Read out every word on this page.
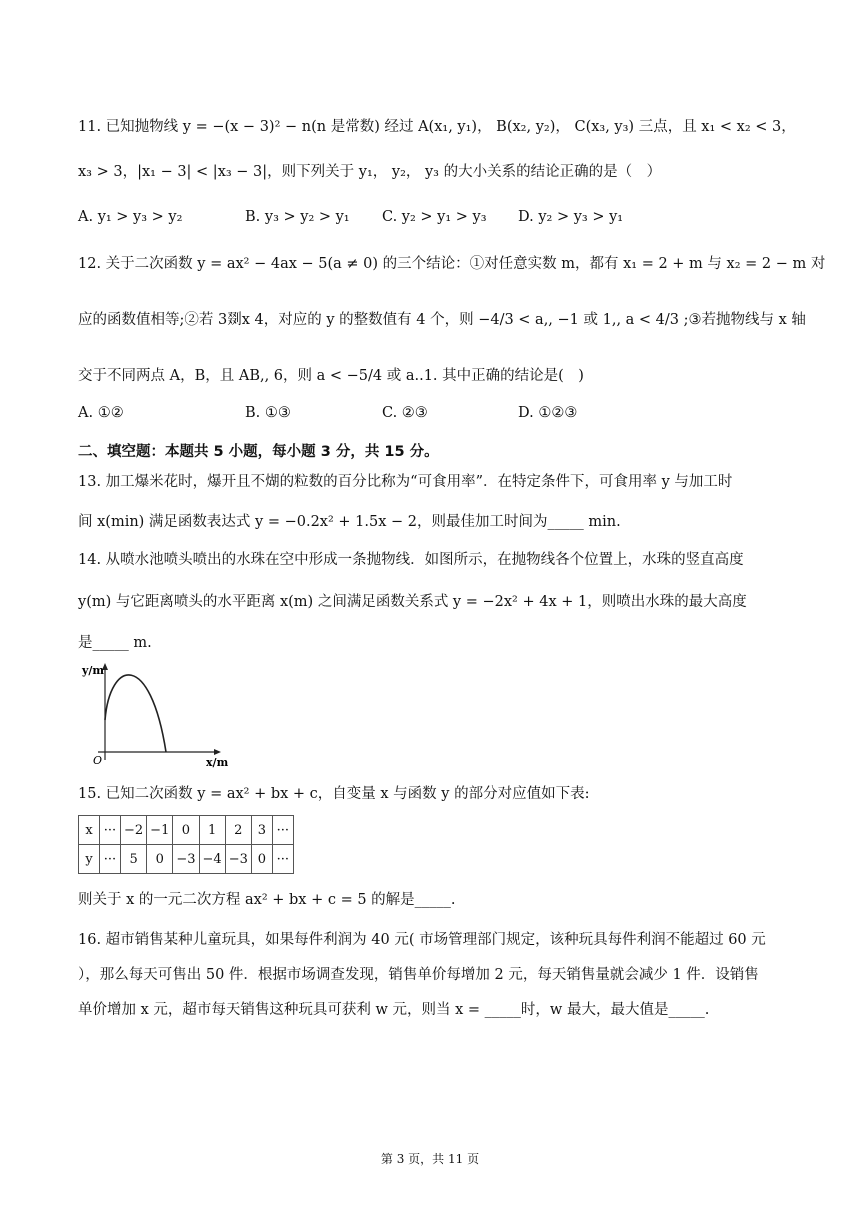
11. 已知抛物线 y = −(x − 3)² − n(n 是常数) 经过 A(x₁, y₁)， B(x₂, y₂)， C(x₃, y₃) 三点，且 x₁ < x₂ < 3，
x₃ > 3，|x₁ − 3| < |x₃ − 3|，则下列关于 y₁， y₂， y₃ 的大小关系的结论正确的是（　）
A. y₁ > y₃ > y₂	B. y₃ > y₂ > y₁ C. y₂ > y₁ > y₃ D. y₂ > y₃ > y₁
12. 关于二次函数 y = ax² − 4ax − 5(a ≠ 0) 的三个结论：①对任意实数 m，都有 x₁ = 2 + m 与 x₂ = 2 − m 对
应的函数值相等;②若 3剟x 4，对应的 y 的整数值有 4 个，则 −4/3 < a,, −1 或 1,, a < 4/3 ;③若抛物线与 x 轴
交于不同两点 A，B，且 AB,, 6，则 a < −5/4 或 a..1. 其中正确的结论是(　)
A. ①②	B. ①③	C. ②③	D. ①②③
二、填空题：本题共 5 小题，每小题 3 分，共 15 分。
13. 加工爆米花时，爆开且不煳的粒数的百分比称为“可食用率”．在特定条件下，可食用率 y 与加工时
间 x(min) 满足函数表达式 y = −0.2x² + 1.5x − 2，则最佳加工时间为_____ min.
14. 从喷水池喷头喷出的水珠在空中形成一条抛物线．如图所示，在抛物线各个位置上，水珠的竖直高度
y(m) 与它距离喷头的水平距离 x(m) 之间满足函数关系式 y = −2x² + 4x + 1，则喷出水珠的最大高度
是_____ m.
y/m
x/m
O
15. 已知二次函数 y = ax² + bx + c，自变量 x 与函数 y 的部分对应值如下表:
x	···	−2	−1	0	1	2	3	···
y	···	5	0	−3	−4	−3	0	···
则关于 x 的一元二次方程 ax² + bx + c = 5 的解是_____.
16. 超市销售某种儿童玩具，如果每件利润为 40 元( 市场管理部门规定，该种玩具每件利润不能超过 60 元
），那么每天可售出 50 件．根据市场调查发现，销售单价每增加 2 元，每天销售量就会减少 1 件．设销售
单价增加 x 元，超市每天销售这种玩具可获利 w 元，则当 x = _____时，w 最大，最大值是_____.
第 3 页，共 11 页
